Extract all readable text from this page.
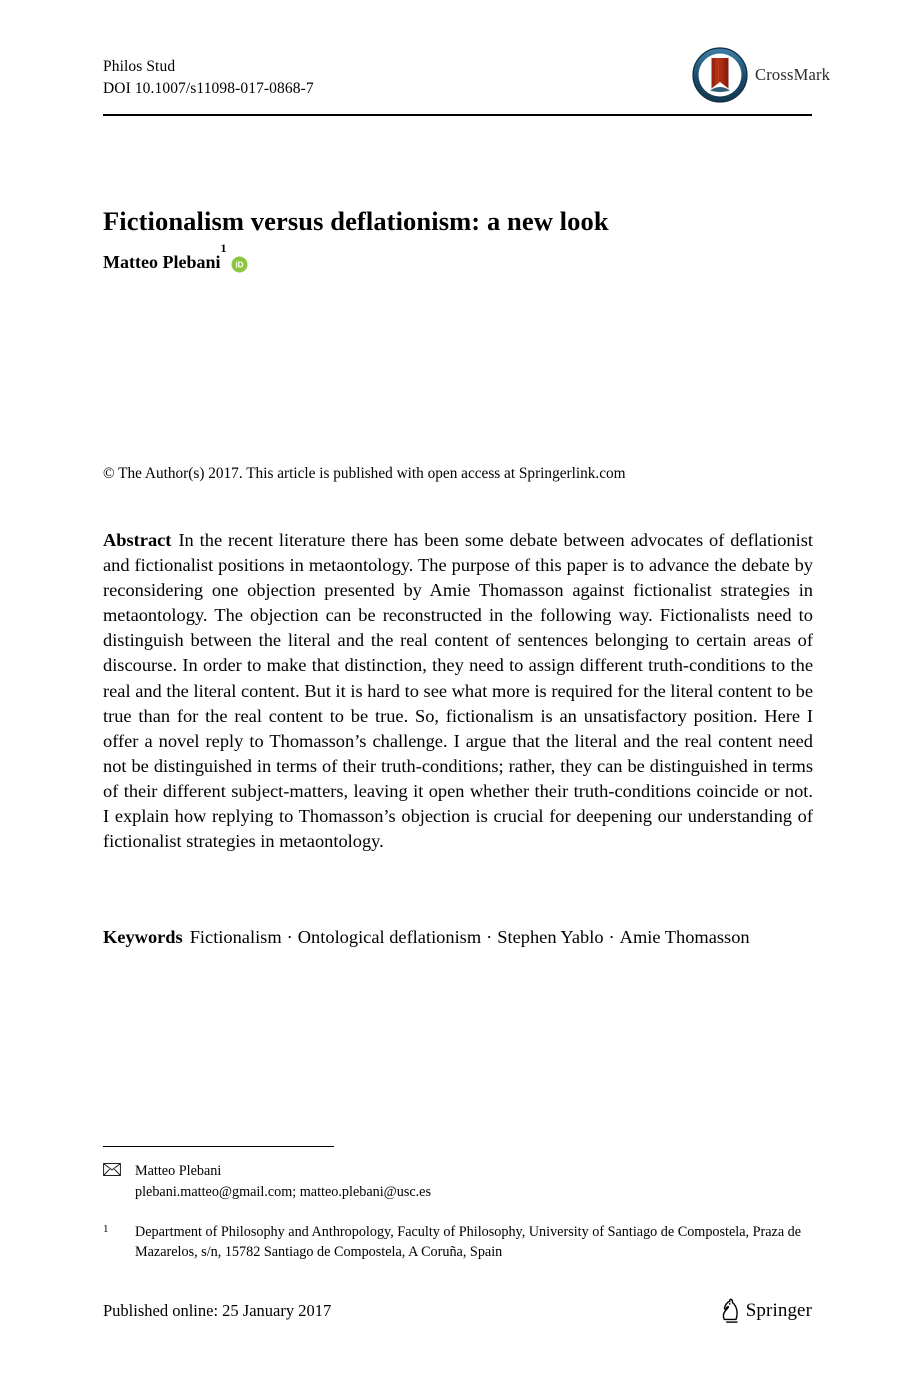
Philos Stud
DOI 10.1007/s11098-017-0868-7
CrossMark
Fictionalism versus deflationism: a new look
Matteo Plebani
1
iD
© The Author(s) 2017. This article is published with open access at Springerlink.com
Abstract In the recent literature there has been some debate between advocates of deflationist and fictionalist positions in metaontology. The purpose of this paper is to advance the debate by reconsidering one objection presented by Amie Thomasson against fictionalist strategies in metaontology. The objection can be reconstructed in the following way. Fictionalists need to distinguish between the literal and the real content of sentences belonging to certain areas of discourse. In order to make that distinction, they need to assign different truth-conditions to the real and the literal content. But it is hard to see what more is required for the literal content to be true than for the real content to be true. So, fictionalism is an unsatisfactory position. Here I offer a novel reply to Thomasson’s challenge. I argue that the literal and the real content need not be distinguished in terms of their truth-conditions; rather, they can be distinguished in terms of their different subject-matters, leaving it open whether their truth-conditions coincide or not. I explain how replying to Thomasson’s objection is crucial for deepening our understanding of fictionalist strategies in metaontology.
Keywords Fictionalism · Ontological deflationism · Stephen Yablo · Amie Thomasson
Matteo Plebani
plebani.matteo@gmail.com; matteo.plebani@usc.es
1 Department of Philosophy and Anthropology, Faculty of Philosophy, University of Santiago de Compostela, Praza de Mazarelos, s/n, 15782 Santiago de Compostela, A Coruña, Spain
Published online: 25 January 2017	Springer
